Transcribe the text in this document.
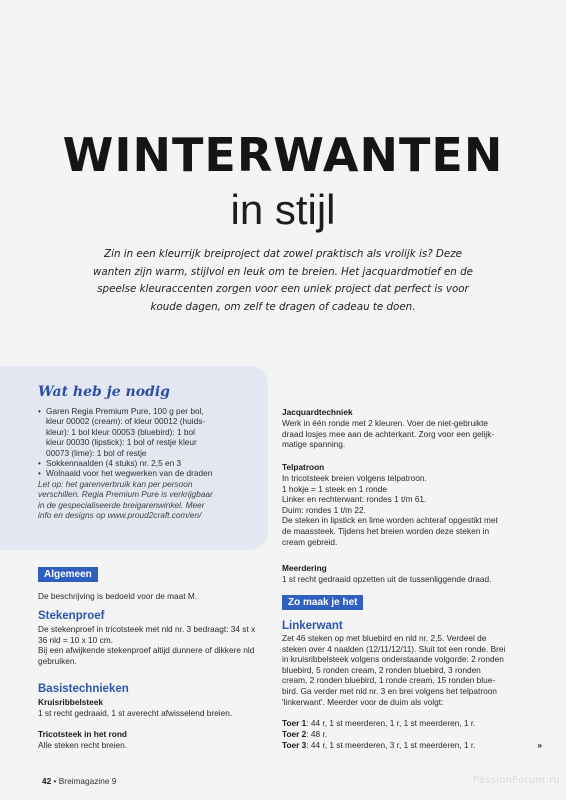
WINTERWANTEN
in stijl
Zin in een kleurrijk breiproject dat zowel praktisch als vrolijk is? Deze
wanten zijn warm, stijlvol en leuk om te breien. Het jacquardmotief en de
speelse kleuraccenten zorgen voor een uniek project dat perfect is voor
koude dagen, om zelf te dragen of cadeau te doen.
Wat heb je nodig
• Garen Regia Premium Pure, 100 g per bol,
kleur 00002 (cream): of kleur 00012 (huids-
kleur): 1 bol kleur 00053 (bluebird): 1 bol
kleur 00030 (lipstick): 1 bol of restje kleur
00073 (lime): 1 bol of restje
• Sokkennaalden (4 stuks) nr. 2,5 en 3
• Wolnaald voor het wegwerken van de draden
Let op: het garenverbruik kan per persoon
verschillen. Regia Premium Pure is verkrijgbaar
in de gespecialiseerde breigarenwinkel. Meer
info en designs op www.proud2craft.com/en/
Algemeen
De beschrijving is bedoeld voor de maat M.
Stekenproef
De stekenproef in tricotsteek met nld nr. 3 bedraagt: 34 st x
36 nld = 10 x 10 cm.
Bij een afwijkende stekenproef altijd dunnere of dikkere nld
gebruiken.
Basistechnieken
Kruisribbelsteek
1 st recht gedraaid, 1 st averecht afwisselend breien.
Tricotsteek in het rond
Alle steken recht breien.
Jacquardtechniek
Werk in één ronde met 2 kleuren. Voer de niet-gebruikte
draad losjes mee aan de achterkant. Zorg voor een gelijk-
matige spanning.
Telpatroon
In tricotsteek breien volgens telpatroon.
1 hokje = 1 steek en 1 ronde
Linker en rechterwant: rondes 1 t/m 61.
Duim: rondes 1 t/m 22.
De steken in lipstick en lime worden achteraf opgestikt met
de maassteek. Tijdens het breien worden deze steken in
cream gebreid.
Meerdering
1 st recht gedraaid opzetten uit de tussenliggende draad.
Zo maak je het
Linkerwant
Zet 46 steken op met bluebird en nld nr. 2,5. Verdeel de
steken over 4 naalden (12/11/12/11). Sluit tot een ronde. Brei
in kruisribbelsteek volgens onderstaande volgorde: 2 ronden
bluebird, 5 ronden cream, 2 ronden bluebird, 3 ronden
cream, 2 ronden bluebird, 1 ronde cream, 15 ronden blue-
bird. Ga verder met nld nr. 3 en brei volgens het telpatroon
'linkerwant'. Meerder voor de duim als volgt:
Toer 1: 44 r, 1 st meerderen, 1 r, 1 st meerderen, 1 r.
Toer 2: 48 r.
Toer 3: 44 r, 1 st meerderen, 3 r, 1 st meerderen, 1 r.	»
42 • Breimagazine 9	PassionForum.ru
